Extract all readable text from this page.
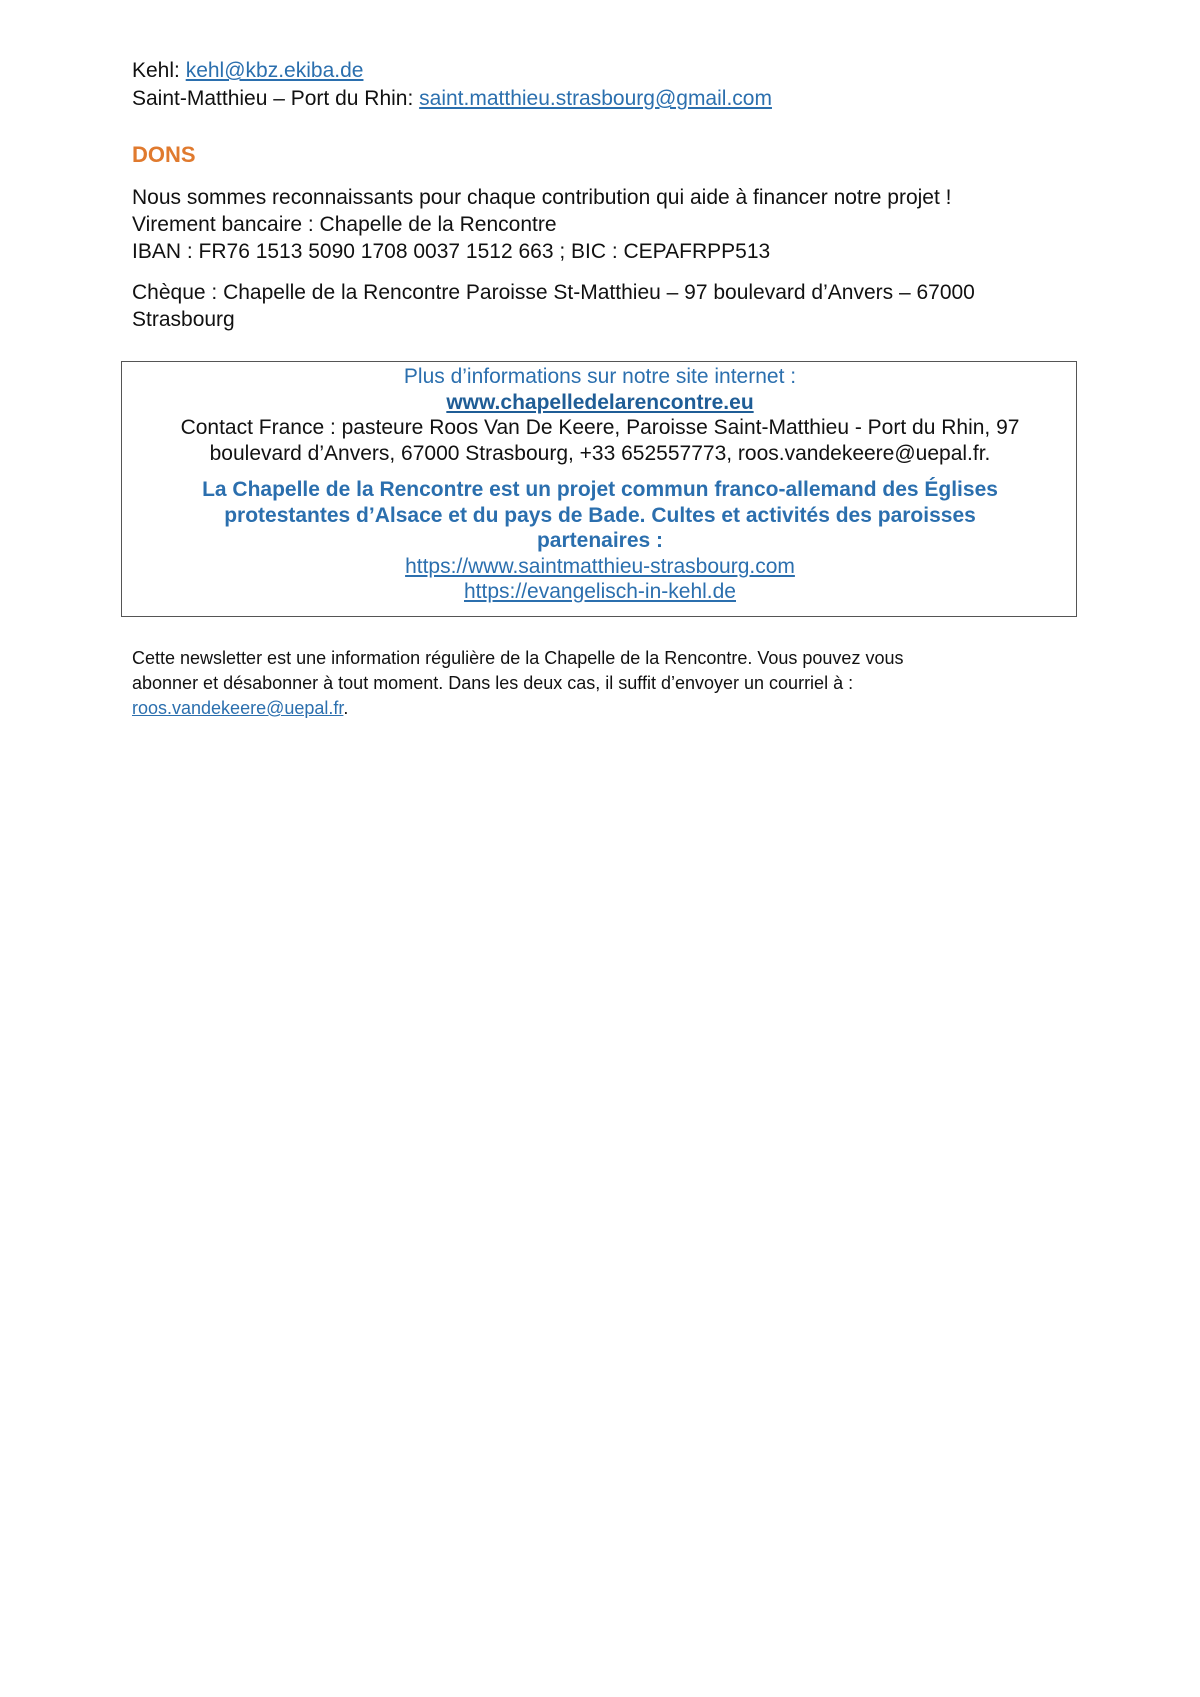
Kehl: kehl@kbz.ekiba.de
Saint-Matthieu – Port du Rhin: saint.matthieu.strasbourg@gmail.com
DONS
Nous sommes reconnaissants pour chaque contribution qui aide à financer notre projet !
Virement bancaire : Chapelle de la Rencontre
IBAN : FR76 1513 5090 1708 0037 1512 663 ; BIC : CEPAFRPP513
Chèque : Chapelle de la Rencontre Paroisse St-Matthieu – 97 boulevard d’Anvers – 67000
Strasbourg
Plus d’informations sur notre site internet :
www.chapelledelarencontre.eu
Contact France : pasteure Roos Van De Keere, Paroisse Saint-Matthieu - Port du Rhin, 97
boulevard d’Anvers, 67000 Strasbourg, +33 652557773, roos.vandekeere@uepal.fr.
La Chapelle de la Rencontre est un projet commun franco-allemand des Églises
protestantes d’Alsace et du pays de Bade. Cultes et activités des paroisses
partenaires :
https://www.saintmatthieu-strasbourg.com
https://evangelisch-in-kehl.de
Cette newsletter est une information régulière de la Chapelle de la Rencontre. Vous pouvez vous
abonner et désabonner à tout moment. Dans les deux cas, il suffit d’envoyer un courriel à :
roos.vandekeere@uepal.fr.
